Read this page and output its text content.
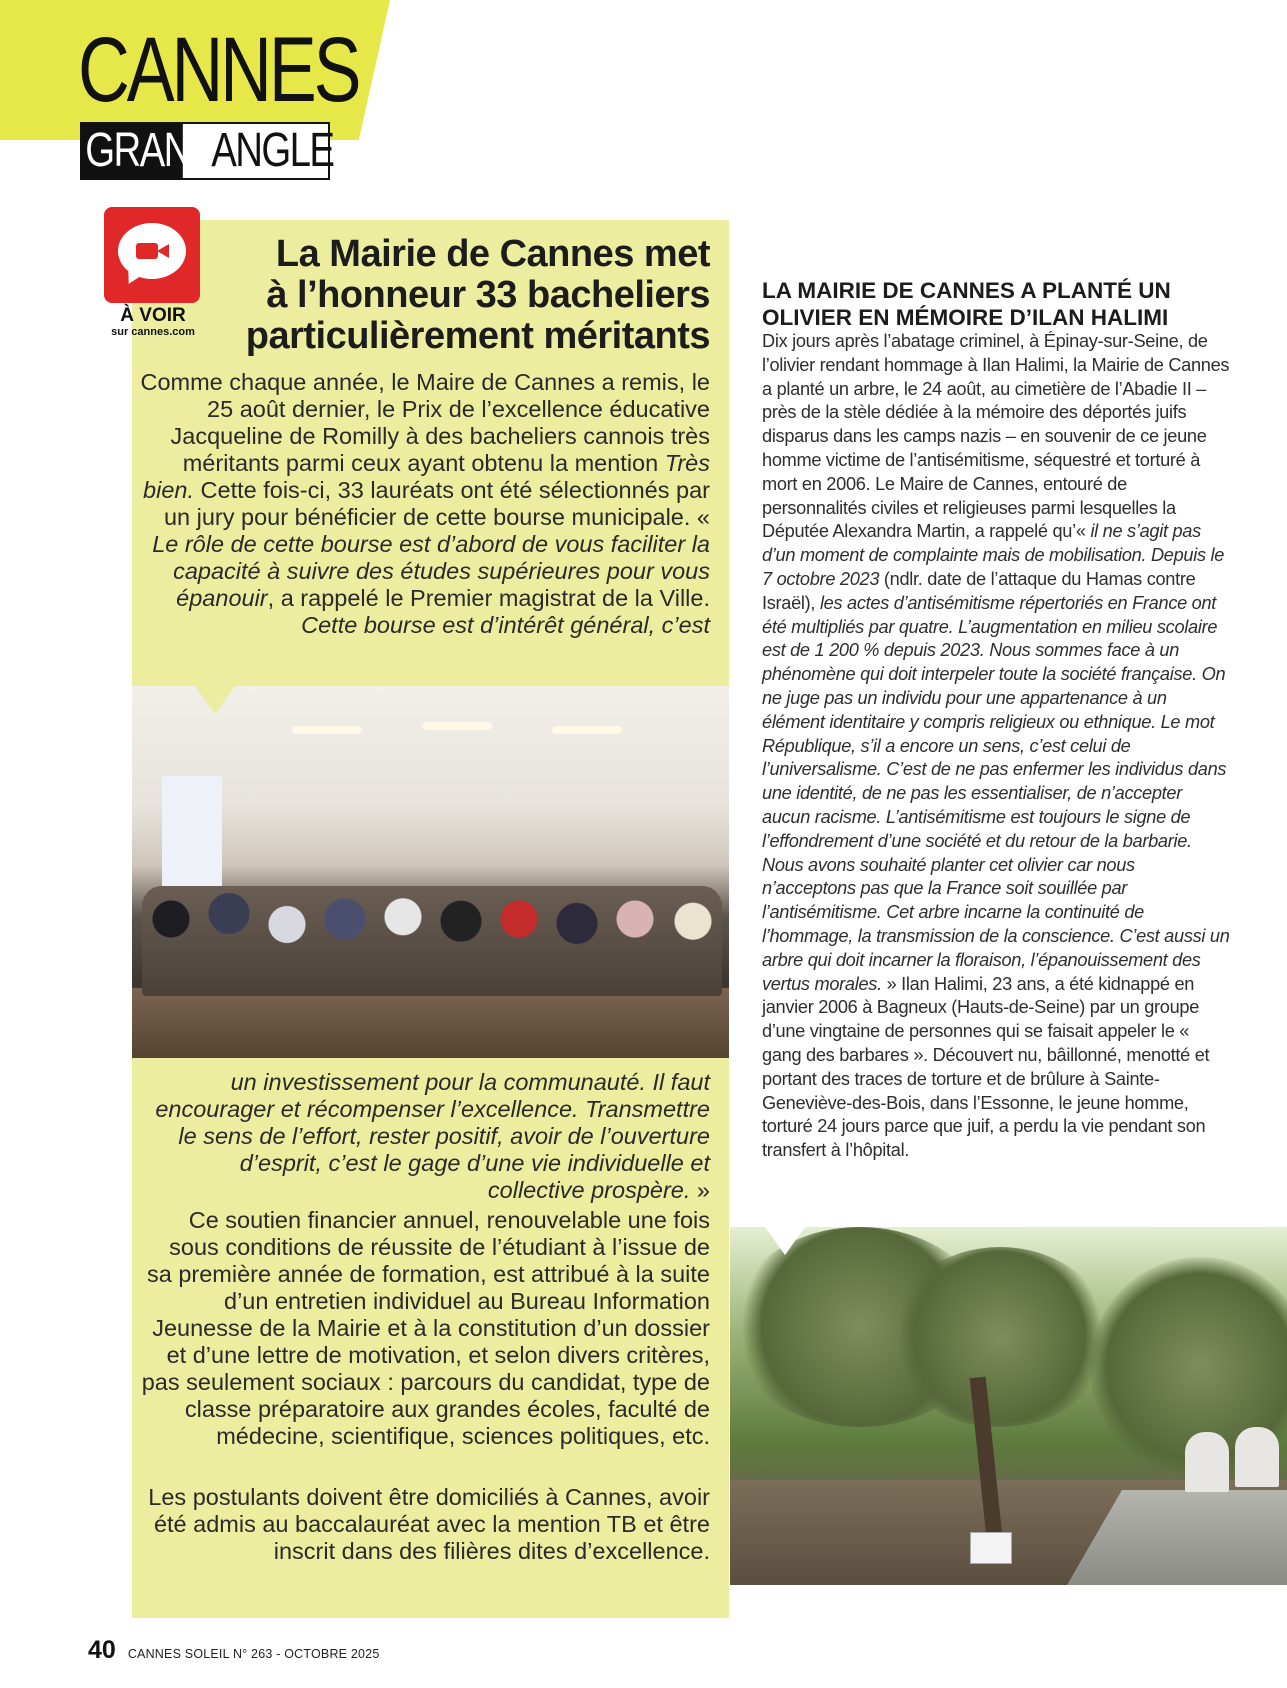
CANNES
GRAND
ANGLE
À VOIR
sur cannes.com
La Mairie de Cannes met
à l’honneur 33 bacheliers
particulièrement méritants

Comme chaque année, le Maire de Cannes a remis, le 25 août dernier, le Prix de l’excellence éducative Jacqueline de Romilly à des bacheliers cannois très méritants parmi ceux ayant obtenu la mention Très bien. Cette fois-ci, 33 lauréats ont été sélectionnés par un jury pour bénéficier de cette bourse municipale. « Le rôle de cette bourse est d’abord de vous faciliter la capacité à suivre des études supérieures pour vous épanouir, a rappelé le Premier magistrat de la Ville. Cette bourse est d’intérêt général, c’est

un investissement pour la communauté. Il faut encourager et récompenser l’excellence. Transmettre le sens de l’effort, rester positif, avoir de l’ouverture d’esprit, c’est le gage d’une vie individuelle et collective prospère. »

Ce soutien financier annuel, renouvelable une fois sous conditions de réussite de l’étudiant à l’issue de sa première année de formation, est attribué à la suite d’un entretien individuel au Bureau Information Jeunesse de la Mairie et à la constitution d’un dossier et d’une lettre de motivation, et selon divers critères, pas seulement sociaux : parcours du candidat, type de classe préparatoire aux grandes écoles, faculté de médecine, scientifique, sciences politiques, etc.

Les postulants doivent être domiciliés à Cannes, avoir été admis au baccalauréat avec la mention TB et être inscrit dans des filières dites d’excellence.

LA MAIRIE DE CANNES A PLANTÉ UN
OLIVIER EN MÉMOIRE D’ILAN HALIMI

Dix jours après l’abatage criminel, à Épinay-sur-Seine, de l’olivier rendant hommage à Ilan Halimi, la Mairie de Cannes a planté un arbre, le 24 août, au cimetière de l’Abadie II – près de la stèle dédiée à la mémoire des déportés juifs disparus dans les camps nazis – en souvenir de ce jeune homme victime de l’antisémitisme, séquestré et torturé à mort en 2006. Le Maire de Cannes, entouré de personnalités civiles et religieuses parmi lesquelles la Députée Alexandra Martin, a rappelé qu’« il ne s’agit pas d’un moment de complainte mais de mobilisation. Depuis le 7 octobre 2023 (ndlr. date de l’attaque du Hamas contre Israël), les actes d’antisémitisme répertoriés en France ont été multipliés par quatre. L’augmentation en milieu scolaire est de 1 200 % depuis 2023. Nous sommes face à un phénomène qui doit interpeler toute la société française. On ne juge pas un individu pour une appartenance à un élément identitaire y compris religieux ou ethnique. Le mot République, s’il a encore un sens, c’est celui de l’universalisme. C’est de ne pas enfermer les individus dans une identité, de ne pas les essentialiser, de n’accepter aucun racisme. L’antisémitisme est toujours le signe de l’effondrement d’une société et du retour de la barbarie. Nous avons souhaité planter cet olivier car nous n’acceptons pas que la France soit souillée par l’antisémitisme. Cet arbre incarne la continuité de l’hommage, la transmission de la conscience. C’est aussi un arbre qui doit incarner la floraison, l’épanouissement des vertus morales. » Ilan Halimi, 23 ans, a été kidnappé en janvier 2006 à Bagneux (Hauts-de-Seine) par un groupe d’une vingtaine de personnes qui se faisait appeler le « gang des barbares ». Découvert nu, bâillonné, menotté et portant des traces de torture et de brûlure à Sainte-Geneviève-des-Bois, dans l’Essonne, le jeune homme, torturé 24 jours parce que juif, a perdu la vie pendant son transfert à l’hôpital.

40 CANNES SOLEIL N° 263 - OCTOBRE 2025
